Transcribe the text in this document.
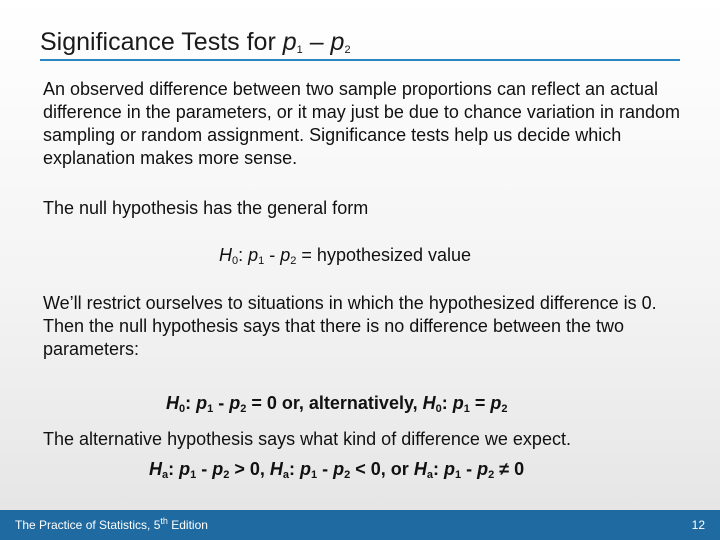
Significance Tests for $p_1 - p_2$
An observed difference between two sample proportions can reflect an actual difference in the parameters, or it may just be due to chance variation in random sampling or random assignment. Significance tests help us decide which explanation makes more sense.
The null hypothesis has the general form
$H_0$: $p_1 - p_2$ = hypothesized value
We’ll restrict ourselves to situations in which the hypothesized difference is 0. Then the null hypothesis says that there is no difference between the two parameters:
$H_0$: $p_1 - p_2 = 0$ or, alternatively, $H_0$: $p_1 = p_2$
The alternative hypothesis says what kind of difference we expect.
$H_a$: $p_1 - p_2 > 0$, $H_a$: $p_1 - p_2 < 0$, or $H_a$: $p_1 - p_2 \ne 0$
The Practice of Statistics, 5th Edition	12
